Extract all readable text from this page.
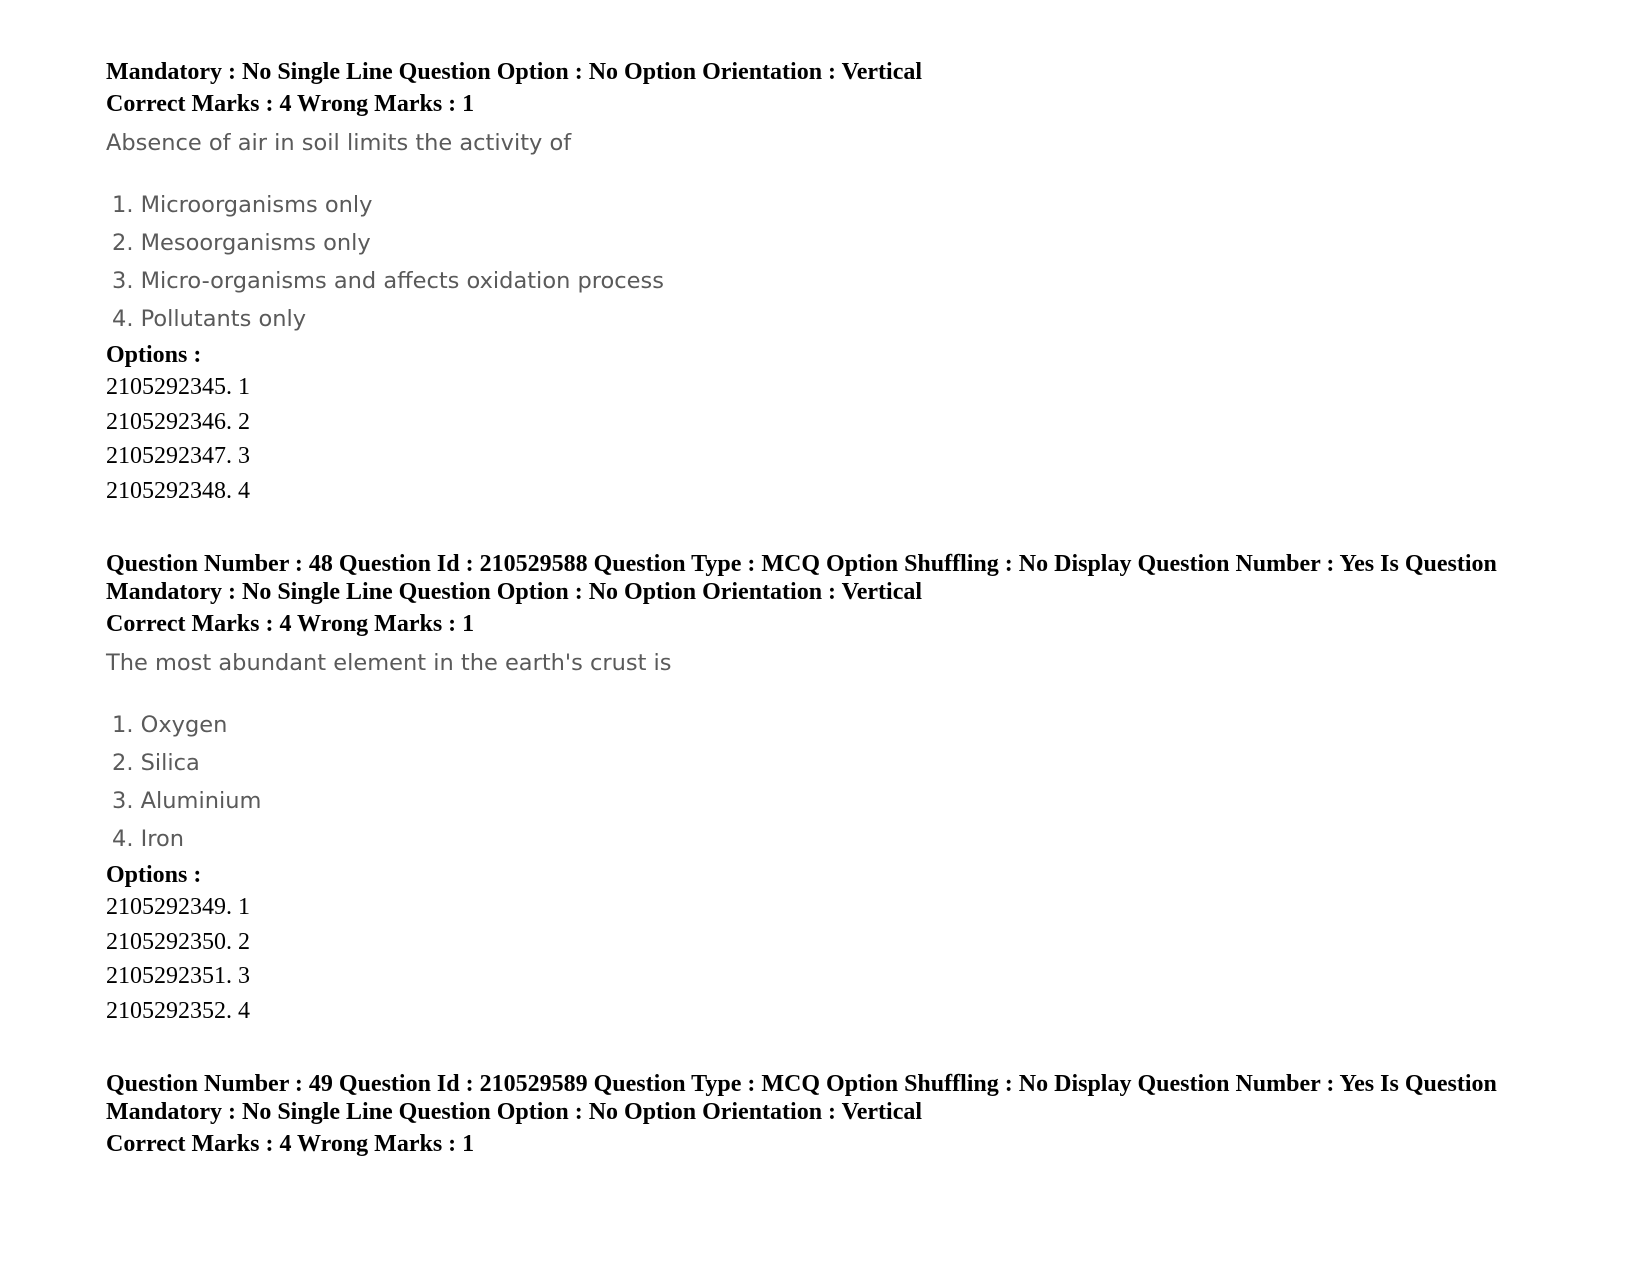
Mandatory : No Single Line Question Option : No Option Orientation : Vertical
Correct Marks : 4 Wrong Marks : 1
Absence of air in soil limits the activity of
1. Microorganisms only
2. Mesoorganisms only
3. Micro-organisms and affects oxidation process
4. Pollutants only
Options :
2105292345. 1
2105292346. 2
2105292347. 3
2105292348. 4
Question Number : 48 Question Id : 210529588 Question Type : MCQ Option Shuffling : No Display Question Number : Yes Is Question
Mandatory : No Single Line Question Option : No Option Orientation : Vertical
Correct Marks : 4 Wrong Marks : 1
The most abundant element in the earth's crust is
1. Oxygen
2. Silica
3. Aluminium
4. Iron
Options :
2105292349. 1
2105292350. 2
2105292351. 3
2105292352. 4
Question Number : 49 Question Id : 210529589 Question Type : MCQ Option Shuffling : No Display Question Number : Yes Is Question
Mandatory : No Single Line Question Option : No Option Orientation : Vertical
Correct Marks : 4 Wrong Marks : 1
